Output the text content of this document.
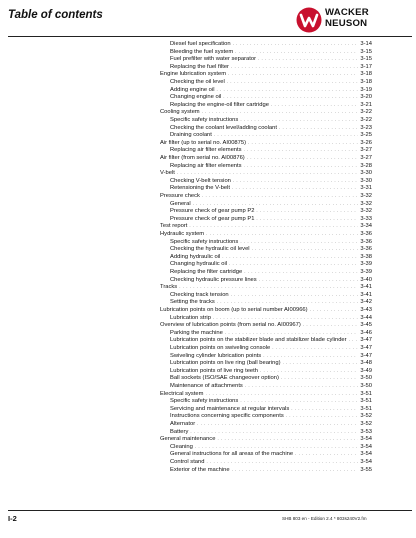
Table of contents	WACKER
NEUSON
Diesel fuel specification . . .	3-14
Bleeding the fuel system . . .	3-15
Fuel prefilter with water separator . . .	3-15
Replacing the fuel filter . . .	3-17
Engine lubrication system . . .	3-18
Checking the oil level . . .	3-18
Adding engine oil . . .	3-19
Changing engine oil . . .	3-20
Replacing the engine-oil filter cartridge . . .	3-21
Cooling system . . .	3-22
Specific safety instructions . . .	3-22
Checking the coolant level/adding coolant . . .	3-23
Draining coolant . . .	3-25
Air filter (up to serial no. AI00875) . . .	3-26
Replacing air filter elements . . .	3-27
Air filter (from serial no. AI00876) . . .	3-27
Replacing air filter elements . . .	3-28
V-belt . . .	3-30
Checking V-belt tension . . .	3-30
Retensioning the V-belt . . .	3-31
Pressure check . . .	3-32
General . . .	3-32
Pressure check of gear pump P2 . . .	3-32
Pressure check of gear pump P1 . . .	3-33
Test report . . .	3-34
Hydraulic system . . .	3-36
Specific safety instructions . . .	3-36
Checking the hydraulic oil level . . .	3-36
Adding hydraulic oil . . .	3-38
Changing hydraulic oil . . .	3-39
Replacing the filter cartridge . . .	3-39
Checking hydraulic pressure lines . . .	3-40
Tracks . . .	3-41
Checking track tension . . .	3-41
Setting the tracks . . .	3-42
Lubrication points on boom (up to serial number AI00966) . . .	3-43
Lubrication strip . . .	3-44
Overview of lubrication points (from serial no. AI00967) . . .	3-45
Parking the machine . . .	3-46
Lubrication points on the stabilizer blade and stabilizer blade cylinder . . . 3-47
Lubrication points on swiveling console . . .	3-47
Swiveling cylinder lubrication points . . .	3-47
Lubrication points on live ring (ball bearing) . . .	3-48
Lubrication points of live ring teeth . . .	3-49
Ball sockets (ISO/SAE changeover option) . . .	3-50
Maintenance of attachments . . .	3-50
Electrical system . . .	3-51
Specific safety instructions . . .	3-51
Servicing and maintenance at regular intervals . . .	3-51
Instructions concerning specific components . . .	3-52
Alternator . . .	3-52
Battery . . .	3-53
General maintenance . . .	3-54
Cleaning . . .	3-54
General instructions for all areas of the machine . . .	3-54
Control stand . . .	3-54
Exterior of the machine . . .	3-55
I-2	SHB 803 en - Edition 2.4 * 803s240V2.fm
